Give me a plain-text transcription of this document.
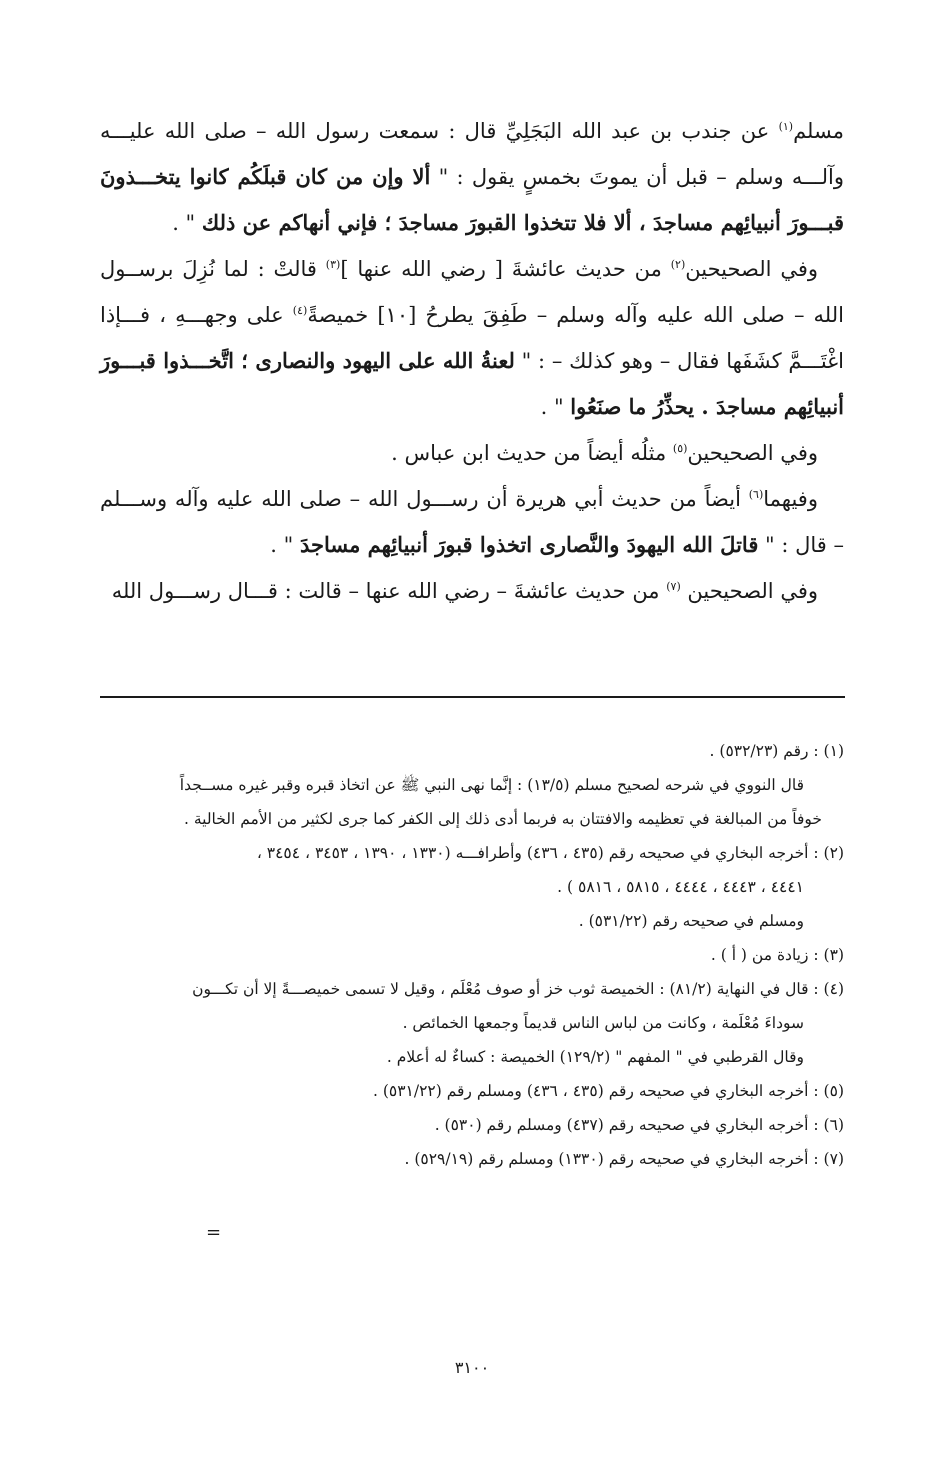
مسلم$^{(١)}$ عن جندب بن عبد الله البَجَلِيِّ قال : سمعت رسول الله – صلى الله عليـــه وآلـــه وسلم – قبل أن يموتَ بخمسٍ يقول : " ألا وإن من كان قبلَكُم كانوا يتخـــذونَ قبـــورَ أنبيائِهم مساجدَ ، ألا فلا تتخذوا القبورَ مساجدَ ؛ فإني أنهاكم عن ذلك " .

وفي الصحيحين$^{(٢)}$ من حديث عائشةَ [ رضي الله عنها ]$^{(٣)}$ قالتْ : لما نُزِلَ برســول الله – صلى الله عليه وآله وسلم – طَفِقَ يطرحُ [١٠] خميصةً$^{(٤)}$ على وجهـــهِ ، فـــإذا اغْتَـــمَّ كشَفَها فقال – وهو كذلك – : " لعنةُ الله على اليهود والنصارى ؛ اتَّخـــذوا قبـــورَ أنبيائِهم مساجدَ . يحذِّرُ ما صنَعُوا " .

وفي الصحيحين$^{(٥)}$ مثلُه أيضاً من حديث ابن عباس .

وفيهما$^{(٦)}$ أيضاً من حديث أبي هريرة أن رســـول الله – صلى الله عليه وآله وســـلم – قال : " قاتلَ الله اليهودَ والنَّصارى اتخذوا قبورَ أنبيائِهم مساجدَ " .

وفي الصحيحين $^{(٧)}$ من حديث عائشةَ – رضي الله عنها – قالت : قـــال رســـول الله

(١) : رقم (٥٣٢/٢٣) .

قال النووي في شرحه لصحيح مسلم (١٣/٥) : إنَّما نهى النبي ﷺ عن اتخاذ قبره وقبر غيره مســجداً

خوفاً من المبالغة في تعظيمه والافتتان به فربما أدى ذلك إلى الكفر كما جرى لكثير من الأمم الخالية .

(٢) : أخرجه البخاري في صحيحه رقم (٤٣٥ ، ٤٣٦) وأطرافـــه (١٣٣٠ ، ١٣٩٠ ، ٣٤٥٣ ، ٣٤٥٤ ،

٤٤٤١ ، ٤٤٤٣ ، ٤٤٤٤ ، ٥٨١٥ ، ٥٨١٦ ) .

ومسلم في صحيحه رقم (٥٣١/٢٢) .

(٣) : زيادة من ( أ ) .

(٤) : قال في النهاية (٨١/٢) : الخميصة ثوب خز أو صوف مُعْلَم ، وقيل لا تسمى خميصـــةً إلا أن تكـــون

سوداءَ مُعْلَمة ، وكانت من لباس الناس قديماً وجمعها الخمائص .

وقال القرطبي في " المفهم " (١٢٩/٢) الخميصة : كساءٌ له أعلام .

(٥) : أخرجه البخاري في صحيحه رقم (٤٣٥ ، ٤٣٦) ومسلم رقم (٥٣١/٢٢) .

(٦) : أخرجه البخاري في صحيحه رقم (٤٣٧) ومسلم رقم (٥٣٠) .

(٧) : أخرجه البخاري في صحيحه رقم (١٣٣٠) ومسلم رقم (٥٢٩/١٩) .

=
٣١٠٠
